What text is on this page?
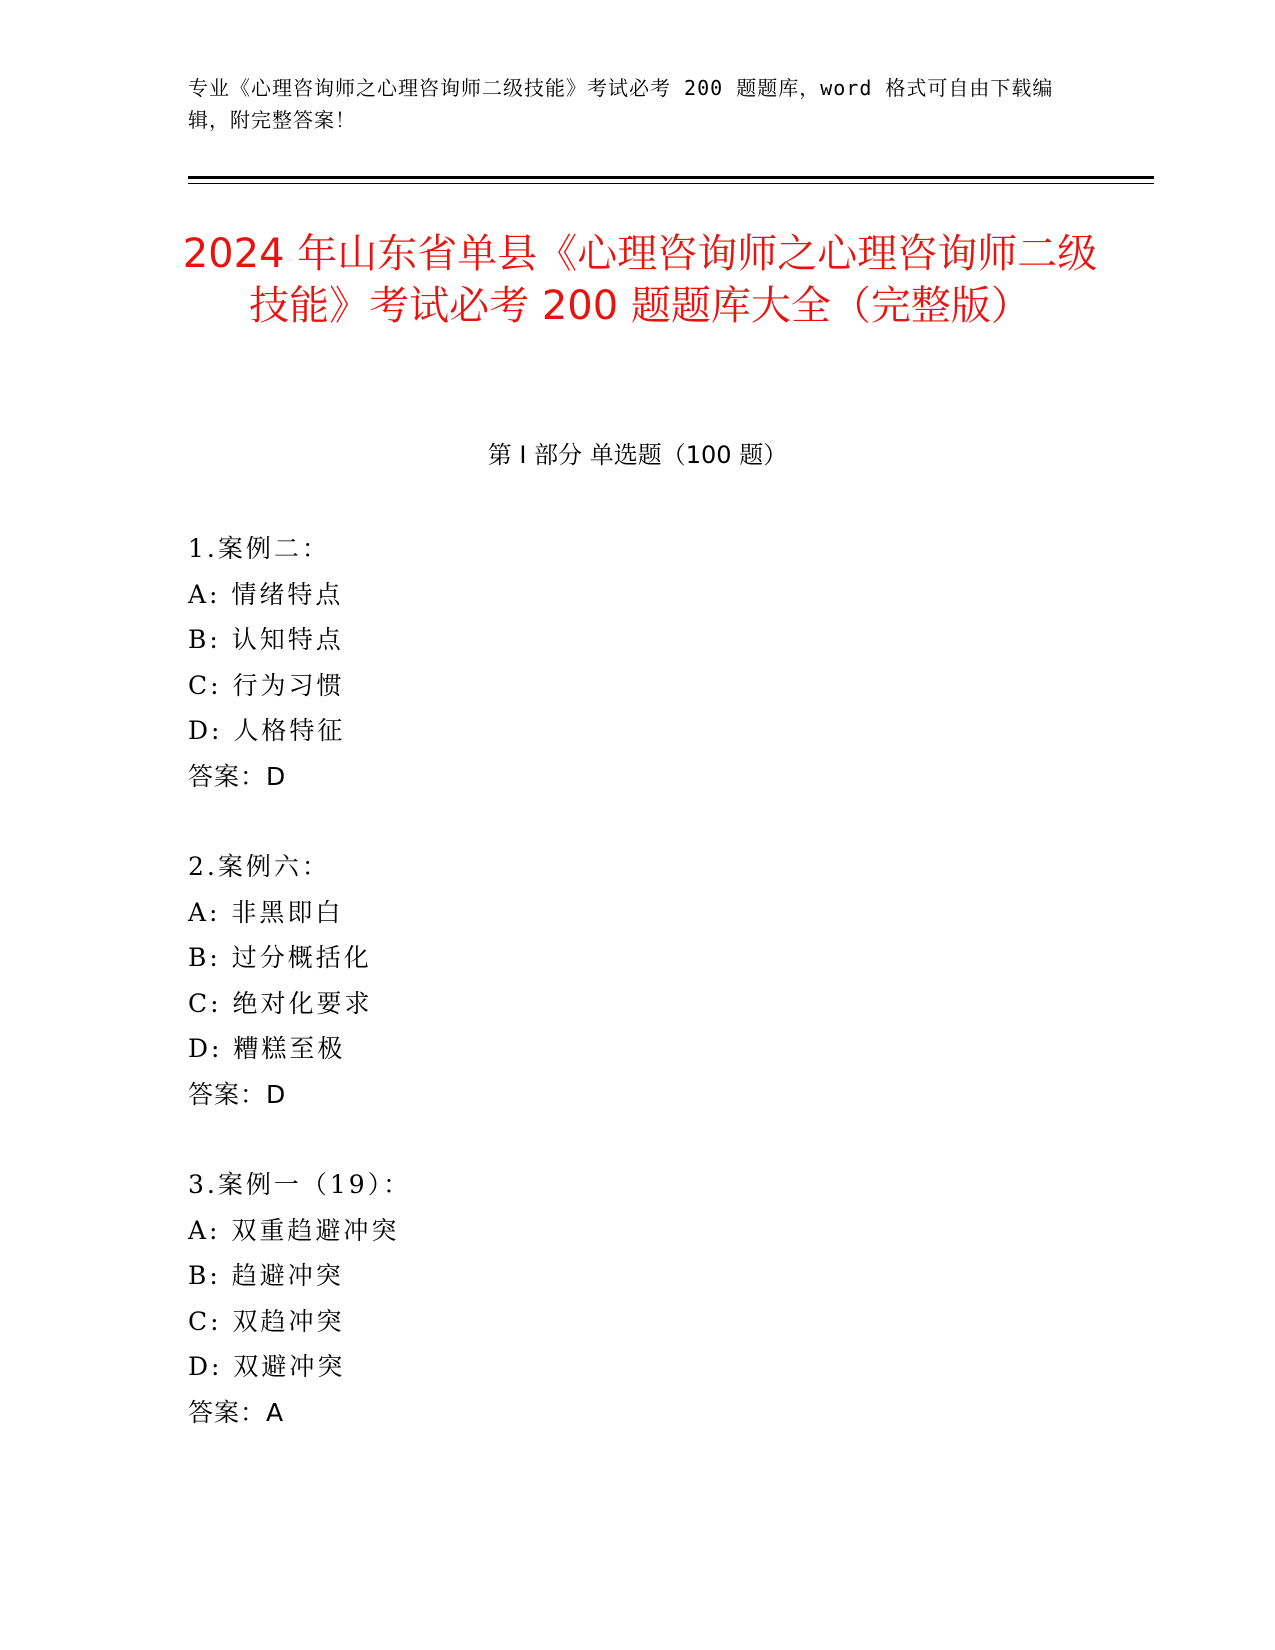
专业《心理咨询师之心理咨询师二级技能》考试必考 200 题题库，word 格式可自由下载编辑，附完整答案！
2024 年山东省单县《心理咨询师之心理咨询师二级技能》考试必考 200 题题库大全（完整版）
第 I 部分 单选题（100 题）
1.案例二：
A: 情绪特点
B: 认知特点
C: 行为习惯
D: 人格特征
答案：D
2.案例六：
A: 非黑即白
B: 过分概括化
C: 绝对化要求
D: 糟糕至极
答案：D
3.案例一（19）：
A: 双重趋避冲突
B: 趋避冲突
C: 双趋冲突
D: 双避冲突
答案：A
